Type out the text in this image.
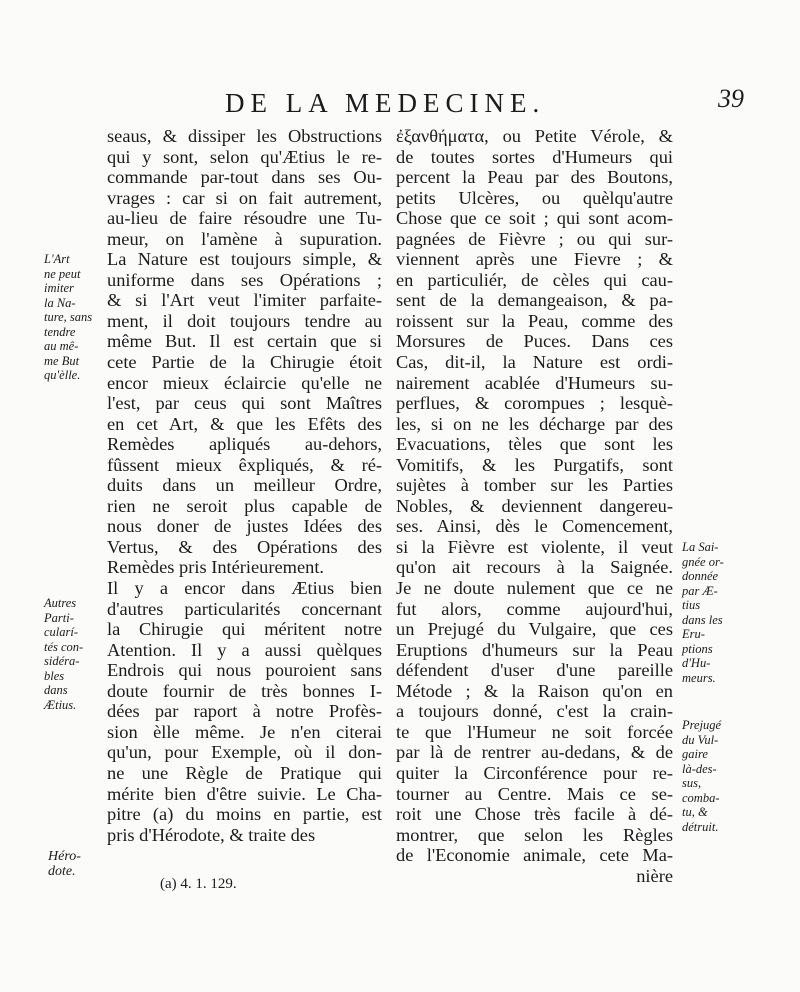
DE LA MEDECINE.	39
seaus, & dissiper les Obstructions
qui y sont, selon qu'Ætius le re-
commande par-tout dans ses Ou-
vrages : car si on fait autrement,
au-lieu de faire résoudre une Tu-
meur, on l'amène à supuration.
La Nature est toujours simple, &
uniforme dans ses Opérations ;
& si l'Art veut l'imiter parfaite-
ment, il doit toujours tendre au
même But. Il est certain que si
cete Partie de la Chirugie étoit
encor mieux éclaircie qu'elle ne
l'est, par ceus qui sont Maîtres
en cet Art, & que les Efêts des
Remèdes apliqués au-dehors,
fûssent mieux êxpliqués, & ré-
duits dans un meilleur Ordre,
rien ne seroit plus capable de
nous doner de justes Idées des
Vertus, & des Opérations des
Remèdes pris Intérieurement.
Il y a encor dans Ætius bien
d'autres particularités concernant
la Chirugie qui méritent notre
Atention. Il y a aussi quèlques
Endrois qui nous pouroient sans
doute fournir de très bonnes I-
dées par raport à notre Profès-
sion èlle même. Je n'en citerai
qu'un, pour Exemple, où il don-
ne une Règle de Pratique qui
mérite bien d'être suivie. Le Cha-
pitre (a) du moins en partie, est
pris d'Hérodote, & traite des
ἐξανθήματα, ou Petite Vérole, &
de toutes sortes d'Humeurs qui
percent la Peau par des Boutons,
petits Ulcères, ou quèlqu'autre
Chose que ce soit ; qui sont acom-
pagnées de Fièvre ; ou qui sur-
viennent après une Fievre ; &
en particuliér, de cèles qui cau-
sent de la demangeaison, & pa-
roissent sur la Peau, comme des
Morsures de Puces. Dans ces
Cas, dit-il, la Nature est ordi-
nairement acablée d'Humeurs su-
perflues, & corompues ; lesquè-
les, si on ne les décharge par des
Evacuations, tèles que sont les
Vomitifs, & les Purgatifs, sont
sujètes à tomber sur les Parties
Nobles, & deviennent dangereu-
ses. Ainsi, dès le Comencement,
si la Fièvre est violente, il veut
qu'on ait recours à la Saignée.
Je ne doute nulement que ce ne
fut alors, comme aujourd'hui,
un Prejugé du Vulgaire, que ces
Eruptions d'humeurs sur la Peau
défendent d'user d'une pareille
Métode ; & la Raison qu'on en
a toujours donné, c'est la crain-
te que l'Humeur ne soit forcée
par là de rentrer au-dedans, & de
quiter la Circonférence pour re-
tourner au Centre. Mais ce se-
roit une Chose très facile à dé-
montrer, que selon les Règles
de l'Economie animale, cete Ma-
nière
L'Art
ne peut
imiter
la Na-
ture, sans
tendre
au mê-
me But
qu'èlle.
Autres
Parti-
cularí-
tés con-
sidéra-
bles
dans
Ætius.
Héro-
dote.
La Sai-
gnée or-
donnée
par Æ-
tius
dans les
Eru-
ptions
d'Hu-
meurs.
Prejugé
du Vul-
gaire
là-des-
sus,
comba-
tu, &
détruit.
(a) 4. 1. 129.
